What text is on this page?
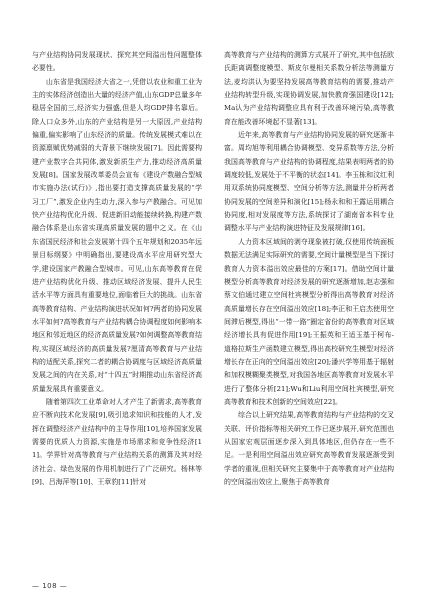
与产业结构协同发展现状、探究其空间溢出性问题整体必要性。

山东省是我国经济大省之一,凭借以农业和重工业为主的实体经济创造出大量的经济产值,山东GDP总量多年稳居全国前三,经济实力强盛,但是人均GDP排名靠后。除人口众多外,山东的产业结构是另一大原因,产业结构偏重,偏实影响了山东经济的质量。传统发展模式难以在资源禀赋优势减弱的大背景下继续发展[7]。因此需要构建产业数字合共同体,激发新质生产力,推动经济高质量发展[8]。国家发展改革委员会宣布《建设产数融合型城市实施办法(试行)》,指出要打造支撑高质量发展的“学习工厂”,激发企业内生动力,深入参与产教融合。可见加快产业结构优化升级、促进新旧动能接续转换,构建产数融合体系是山东省实现高质量发展的题中之义。在《山东省国民经济和社会发展第十四个五年规划和2035年远景目标纲要》中明确指出,要建设高水平应用研究型大学,建设国家产教融合型城市。可见,山东高等教育在促进产业结构优化升级、推动区域经济发展、提升人民生活水平等方面具有重要地位,面临着巨大的挑战。山东省高等教育结构、产业结构演进状况如何?两者的协同发展水平如何?高等教育与产业结构耦合协调程度如何影响本地区和邻近地区的经济高质量发展?如何调整高等教育结构,实现区域经济的高质量发展?厘清高等教育与产业结构的适配关系,探究二者的耦合协调度与区域经济高质量发展之间的内在关系,对“十四五”时期推动山东省经济高质量发展具有重要意义。

随着第四次工业革命对人才产生了新需求,高等教育应不断向技术化发展[9],吸引追求知识和技能的人才,发挥在调整经济产业结构中的主导作用[10],培养国家发展需要的优质人力资源,实施是市场需求和竞争性经济[11]。学界针对高等教育与产业结构关系的测算及其对经济社会、绿色发展的作用机制进行了广泛研究。杨林等[9]、吕海萍等[10]、王章豹[11]针对

高等教育与产业结构的测算方式展开了研究,其中包括欧氏距离调整度模型、斯皮尔曼相关系数分析法等测量方法,麦均洪认为要坚持发展高等教育结构的需要,推动产业结构转型升级,实现协调发展,加快教育强国建设[12];Ma认为产业结构调整应具有利于改善环境污染,高等教育在能改善环境起不显著[13]。

近年来,高等教育与产业结构协同发展的研究逐渐丰富。周均旭等利用耦合协调模型、变异系数等方法,分析我国高等教育与产业结构的协调程度,结果表明两者的协调度较低,发展处于不平衡的状态[14]。李玉栋和汶红利用双系统协同度模型、空间分析等方法,测量并分析两者协同发展的空间差异和演化[15];杨永和和王露运用耦合协同度,相对发展度等方法,系统探讨了湖南省本科专业调整水平与产业结构演进特征及发展规律[16]。

人力资本区域间的剥夺现象被打破,仅使用传统面板数据无法满足实际研究的需要,空间计量模型是当下探讨教育人力资本溢出效应最佳的方案[17]。借助空间计量模型分析高等教育对经济发展的研究逐渐增加,赵志强和蔡文伯通过建立空间杜宾模型分析得出高等教育对经济高质量增长存在空间溢出效应[18];李正和王启杰使用空间滞后模型,得出“一带一路”圈定省份的高等教育对区域经济增长具有促进作用[19];王振英和王适玉基于柯布-道格拉斯生产函数建立模型,得出高校研究生模型对经济增长存在正向的空间溢出效应[20];潘兴学等用基于辐射和加权模糊聚类模型,对我国各地区高等教育对发展水平进行了整体分析[21];Wu和Liu利用空间杜宾模型,研究高等教育和技术创新的空间效应[22]。

综合以上研究结果,高等教育结构与产业结构的交叉关联、评价指标等相关研究工作已逐步展开,研究范围也从国家宏观层面逐步深入到具体地区,但仍存在一些不足。一是利用空间溢出效应研究高等教育发展逐渐受到学者的重视,但相关研究主要集中于高等教育对产业结构的空间溢出效应上,聚焦于高等教育

— 108 —
